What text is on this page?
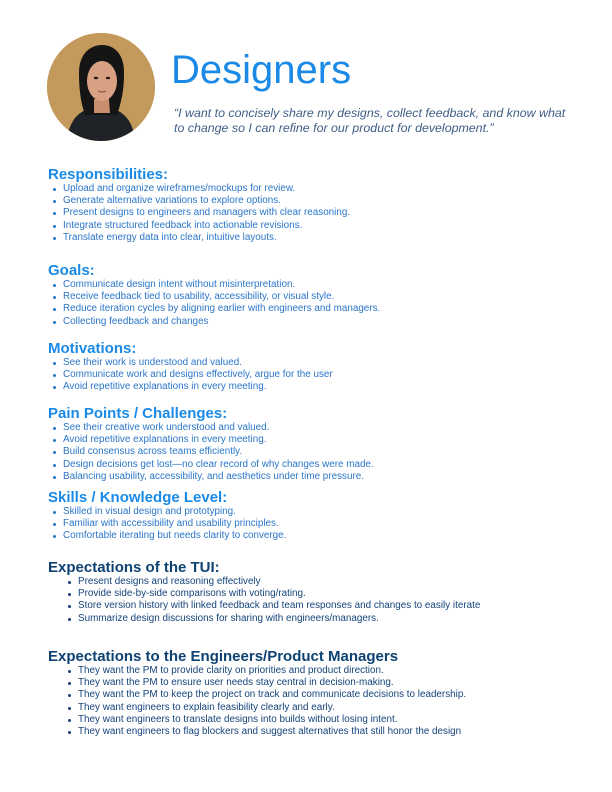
Designers
“I want to concisely share my designs, collect feedback, and know what to change so I can refine for our product for development.”
Responsibilities:
Upload and organize wireframes/mockups for review.
Generate alternative variations to explore options.
Present designs to engineers and managers with clear reasoning.
Integrate structured feedback into actionable revisions.
Translate energy data into clear, intuitive layouts.
Goals:
Communicate design intent without misinterpretation.
Receive feedback tied to usability, accessibility, or visual style.
Reduce iteration cycles by aligning earlier with engineers and managers.
Collecting feedback and changes
Motivations:
See their work is understood and valued.
Communicate work and designs effectively, argue for the user
Avoid repetitive explanations in every meeting.
Pain Points / Challenges:
See their creative work understood and valued.
Avoid repetitive explanations in every meeting.
Build consensus across teams efficiently.
Design decisions get lost—no clear record of why changes were made.
Balancing usability, accessibility, and aesthetics under time pressure.
Skills / Knowledge Level:
Skilled in visual design and prototyping.
Familiar with accessibility and usability principles.
Comfortable iterating but needs clarity to converge.
Expectations of the TUI:
Present designs and reasoning effectively
Provide side-by-side comparisons with voting/rating.
Store version history with linked feedback and team responses and changes to easily iterate
Summarize design discussions for sharing with engineers/managers.
Expectations to the Engineers/Product Managers
They want the PM to provide clarity on priorities and product direction.
They want the PM to ensure user needs stay central in decision-making.
They want the PM to keep the project on track and communicate decisions to leadership.
They want engineers to explain feasibility clearly and early.
They want engineers to translate designs into builds without losing intent.
They want engineers to flag blockers and suggest alternatives that still honor the design
